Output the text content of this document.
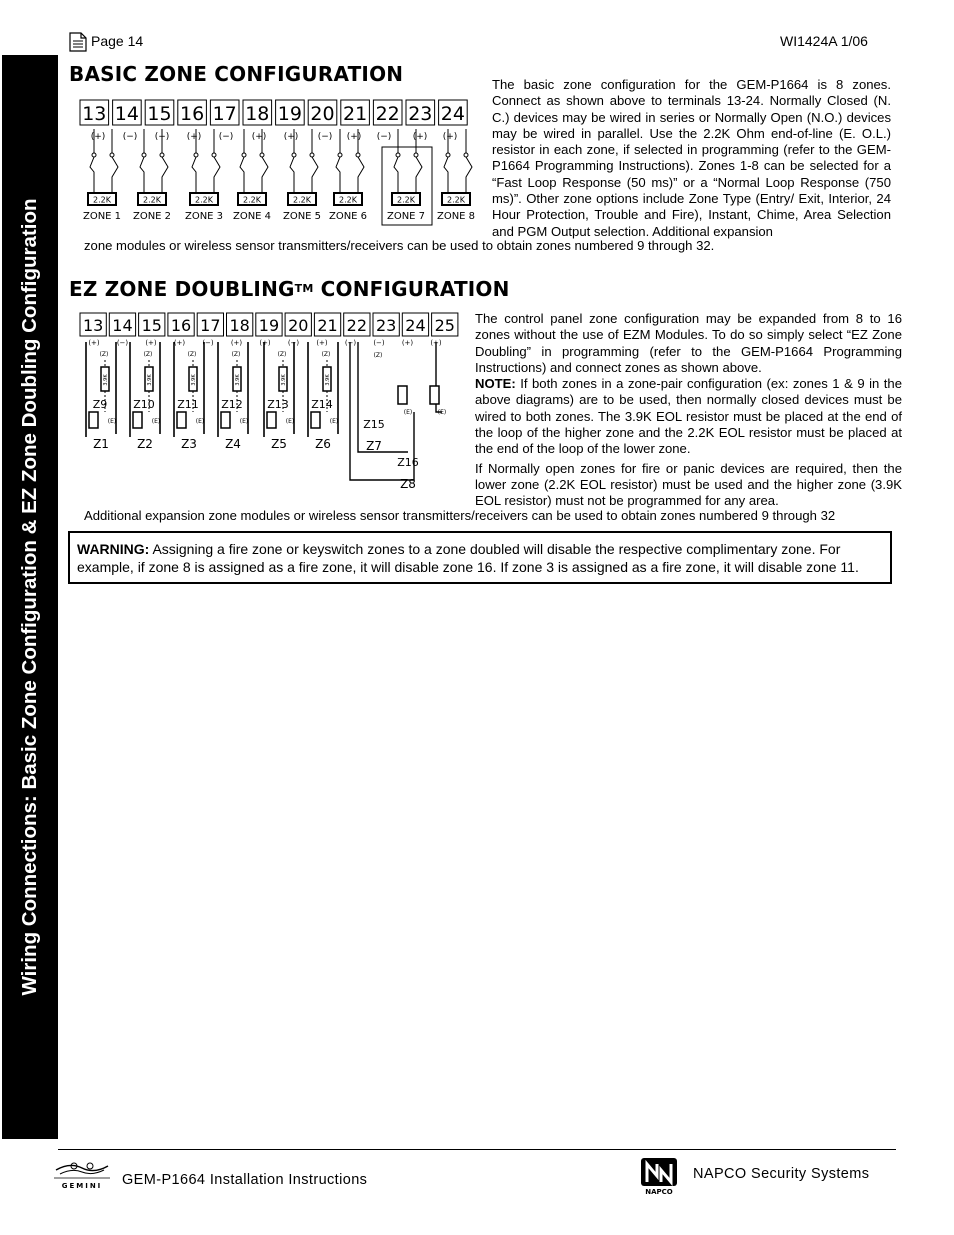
Page 14	WI1424A 1/06
Wiring Connections: Basic Zone Configuration & EZ Zone Doubling Configuration
BASIC ZONE CONFIGURATION
13 14 15 16 17 18 19 20 21 22 23 24
(+) (−) (+) (+) (−) (+) (+) (−) (+) (−) (+) (+)
2.2K
ZONE 1
2.2K
ZONE 2
2.2K
ZONE 3
2.2K
ZONE 4
2.2K
ZONE 5
2.2K
ZONE 6
2.2K
ZONE 7
2.2K
ZONE 8
The basic zone configuration for the GEM-P1664 is 8 zones. Connect as shown above to terminals 13-24. Normally Closed (N. C.) devices may be wired in series or Normally Open (N.O.) devices may be wired in parallel. Use the 2.2K Ohm end-of-line (E. O.L.) resistor in each zone, if selected in programming (refer to the GEM-P1664 Programming Instructions). Zones 1-8 can be selected for a “Fast Loop Response (50 ms)” or a “Normal Loop Response (750 ms)”. Other zone options include Zone Type (Entry/ Exit, Interior, 24 Hour Protection, Trouble and Fire), Instant, Chime, Area Selection and PGM Output selection. Additional expansion
zone modules or wireless sensor transmitters/receivers can be used to obtain zones numbered 9 through 32.
EZ ZONE DOUBLING™ CONFIGURATION
13 14 15 16 17 18 19 20 21 22 23 24 25
(+) (−) (+) (+) (−) (+) (+) (−) (+) (−) (−) (+) (+)
(Z)
3.9K
Z9
(E)
Z1
(Z)
3.9K
Z10
(E)
Z2
(Z)
3.9K
Z11
(E)
Z3
(Z)
3.9K
Z12
(E)
Z4
(Z)
3.9K
Z13
(E)
Z5
(Z)
3.9K
Z14
(E)
Z6
(Z)
(E)	(E)
Z15
Z7
Z16
Z8

The control panel zone configuration may be expanded from 8 to 16 zones without the use of EZM Modules. To do so simply select “EZ Zone Doubling” in programming (refer to the GEM-P1664 Programming Instructions) and connect zones as shown above.

NOTE: If both zones in a zone-pair configuration (ex: zones 1 & 9 in the above diagrams) are to be used, then normally closed devices must be wired to both zones. The 3.9K EOL resistor must be placed at the end of the loop of the higher zone and the 2.2K EOL resistor must be placed at the end of the loop of the lower zone.

If Normally open zones for fire or panic devices are required, then the lower zone (2.2K EOL resistor) must be used and the higher zone (3.9K EOL resistor) must not be programmed for any area.

Additional expansion zone modules or wireless sensor transmitters/receivers can be used to obtain zones numbered 9 through 32
WARNING: Assigning a fire zone or keyswitch zones to a zone doubled will disable the respective complimentary zone. For example, if zone 8 is assigned as a fire zone, it will disable zone 16. If zone 3 is assigned as a fire zone, it will disable zone 11.
GEMINI GEM-P1664 Installation Instructions
NAPCO
NAPCO Security Systems
